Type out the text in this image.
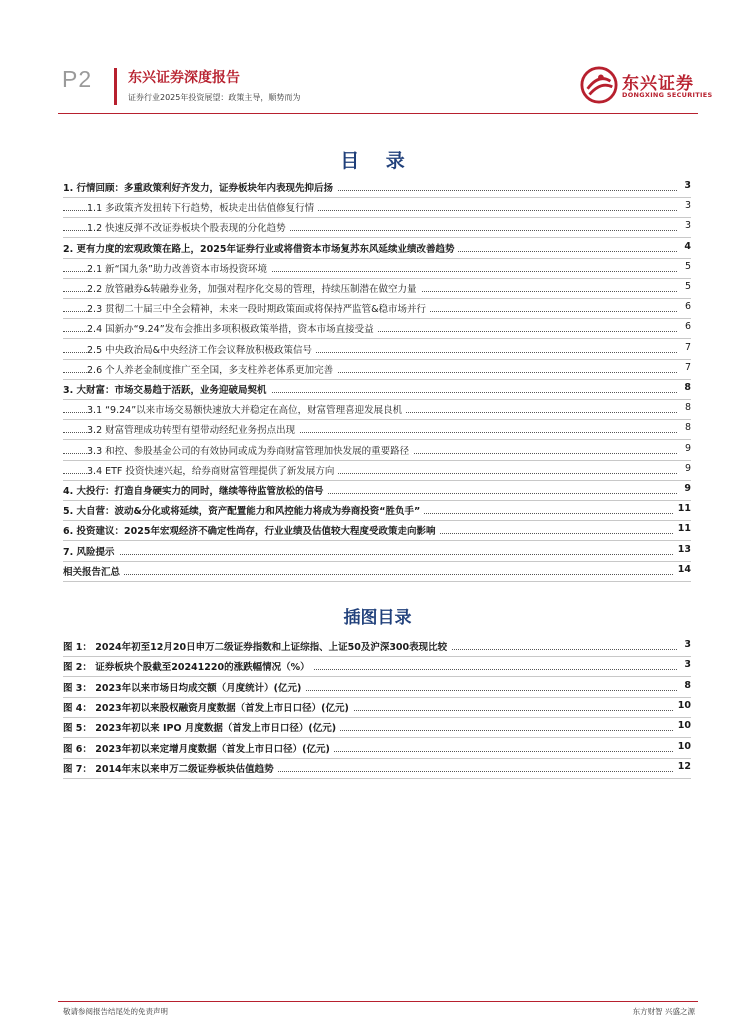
P2	东兴证券深度报告
证券行业2025年投资展望：政策主导，顺势而为
东兴证券
DONGXING SECURITIES
目 录
1. 行情回顾：多重政策利好齐发力，证券板块年内表现先抑后扬	3
1.1 多政策齐发扭转下行趋势，板块走出估值修复行情	3
1.2 快速反弹不改证券板块个股表现的分化趋势	3
2. 更有力度的宏观政策在路上，2025年证券行业或将借资本市场复苏东风延续业绩改善趋势	4
2.1 新“国九条”助力改善资本市场投资环境	5
2.2 放管融券&转融券业务，加强对程序化交易的管理，持续压制潜在做空力量	5
2.3 贯彻二十届三中全会精神，未来一段时期政策面或将保持严监管&稳市场并行	6
2.4 国新办“9.24”发布会推出多项积极政策举措，资本市场直接受益	6
2.5 中央政治局&中央经济工作会议释放积极政策信号	7
2.6 个人养老金制度推广至全国，多支柱养老体系更加完善	7
3. 大财富：市场交易趋于活跃，业务迎破局契机	8
3.1 “9.24”以来市场交易额快速放大并稳定在高位，财富管理喜迎发展良机	8
3.2 财富管理成功转型有望带动经纪业务拐点出现	8
3.3 和控、参股基金公司的有效协同或成为券商财富管理加快发展的重要路径	9
3.4 ETF 投资快速兴起，给券商财富管理提供了新发展方向	9
4. 大投行：打造自身硬实力的同时，继续等待监管放松的信号	9
5. 大自营：波动&分化或将延续，资产配置能力和风控能力将成为券商投资“胜负手”	11
6. 投资建议：2025年宏观经济不确定性尚存，行业业绩及估值较大程度受政策走向影响	11
7. 风险提示	13
相关报告汇总	14
插图目录
图 1： 2024年初至12月20日申万二级证券指数和上证综指、上证50及沪深300表现比较	3
图 2： 证券板块个股截至20241220的涨跌幅情况（%）	3
图 3： 2023年以来市场日均成交额（月度统计）(亿元)	8
图 4： 2023年初以来股权融资月度数据（首发上市日口径）(亿元)	10
图 5： 2023年初以来 IPO 月度数据（首发上市日口径）(亿元)	10
图 6： 2023年初以来定增月度数据（首发上市日口径）(亿元)	10
图 7： 2014年末以来申万二级证券板块估值趋势	12
敬请参阅报告结尾处的免责声明	东方财智 兴盛之源
